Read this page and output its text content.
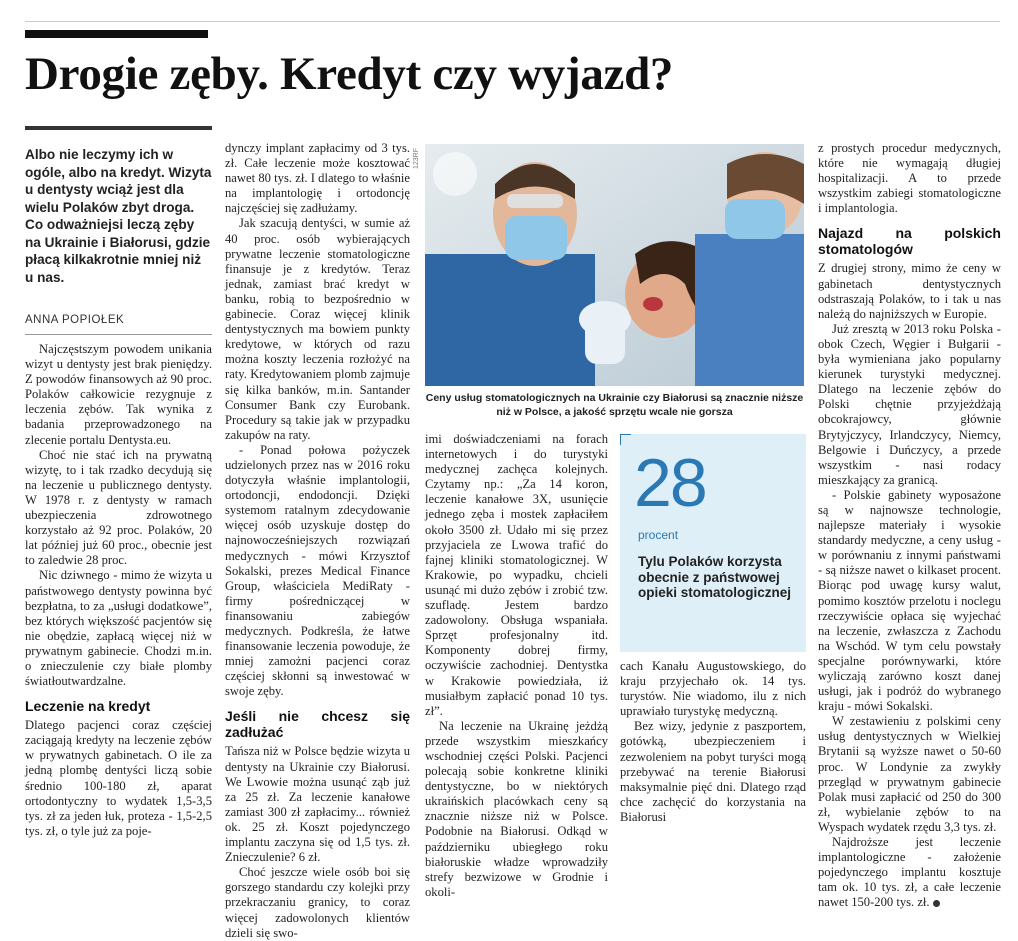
Drogie zęby. Kredyt czy wyjazd?
Albo nie leczymy ich w ogóle, albo na kredyt. Wizyta u dentysty wciąż jest dla wielu Polaków zbyt droga. Co odważniejsi leczą zęby na Ukrainie i Białorusi, gdzie płacą kilkakrotnie mniej niż u nas.
ANNA POPIOŁEK

Najczęstszym powodem unikania wizyt u dentysty jest brak pieniędzy. Z powodów finansowych aż 90 proc. Polaków całkowicie rezygnuje z leczenia zębów. Tak wynika z badania przeprowadzonego na zlecenie portalu Dentysta.eu.

Choć nie stać ich na prywatną wizytę, to i tak rzadko decydują się na leczenie u publicznego dentysty. W 1978 r. z dentysty w ramach ubezpieczenia zdrowotnego korzystało aż 92 proc. Polaków, 20 lat później już 60 proc., obecnie jest to zaledwie 28 proc.

Nic dziwnego - mimo że wizyta u państwowego dentysty powinna być bezpłatna, to za „usługi dodatkowe”, bez których większość pacjentów się nie obędzie, zapłacą więcej niż w prywatnym gabinecie. Chodzi m.in. o znieczulenie czy białe plomby światłoutwardzalne.

Leczenie na kredyt

Dlatego pacjenci coraz częściej zaciągają kredyty na leczenie zębów w prywatnych gabinetach. O ile za jedną plombę dentyści liczą sobie średnio 100-180 zł, aparat ortodontyczny to wydatek 1,5-3,5 tys. zł za jeden łuk, proteza - 1,5-2,5 tys. zł, o tyle już za poje-

dynczy implant zapłacimy od 3 tys. zł. Całe leczenie może kosztować nawet 80 tys. zł. I dlatego to właśnie na implantologię i ortodoncję najczęściej się zadłużamy.

Jak szacują dentyści, w sumie aż 40 proc. osób wybierających prywatne leczenie stomatologiczne finansuje je z kredytów. Teraz jednak, zamiast brać kredyt w banku, robią to bezpośrednio w gabinecie. Coraz więcej klinik dentystycznych ma bowiem punkty kredytowe, w których od razu można koszty leczenia rozłożyć na raty. Kredytowaniem plomb zajmuje się kilka banków, m.in. Santander Consumer Bank czy Eurobank. Procedury są takie jak w przypadku zakupów na raty.

- Ponad połowa pożyczek udzielonych przez nas w 2016 roku dotyczyła właśnie implantologii, ortodoncji, endodoncji. Dzięki systemom ratalnym zdecydowanie więcej osób uzyskuje dostęp do najnowocześniejszych rozwiązań medycznych - mówi Krzysztof Sokalski, prezes Medical Finance Group, właściciela MediRaty - firmy pośredniczącej w finansowaniu zabiegów medycznych. Podkreśla, że łatwe finansowanie leczenia powoduje, że mniej zamożni pacjenci coraz częściej skłonni są inwestować w swoje zęby.

Jeśli nie chcesz się zadłużać

Tańsza niż w Polsce będzie wizyta u dentysty na Ukrainie czy Białorusi. We Lwowie można usunąć ząb już za 25 zł. Za leczenie kanałowe zamiast 300 zł zapłacimy... również ok. 25 zł. Koszt pojedynczego implantu zaczyna się od 1,5 tys. zł. Znieczulenie? 6 zł.

Choć jeszcze wiele osób boi się gorszego standardu czy kolejki przy przekraczaniu granicy, to coraz więcej zadowolonych klientów dzieli się swo-

123RF
Ceny usług stomatologicznych na Ukrainie czy Białorusi są znacznie niższe niż w Polsce, a jakość sprzętu wcale nie gorsza

imi doświadczeniami na forach internetowych i do turystyki medycznej zachęca kolejnych. Czytamy np.: „Za 14 koron, leczenie kanałowe 3X, usunięcie jednego zęba i mostek zapłaciłem około 3500 zł. Udało mi się przez przyjaciela ze Lwowa trafić do fajnej kliniki stomatologicznej. W Krakowie, po wypadku, chcieli usunąć mi dużo zębów i zrobić tzw. szufladę. Jestem bardzo zadowolony. Obsługa wspaniała. Sprzęt profesjonalny itd. Komponenty dobrej firmy, oczywiście zachodniej. Dentystka w Krakowie powiedziała, iż musiałbym zapłacić ponad 10 tys. zł”.

Na leczenie na Ukrainę jeżdżą przede wszystkim mieszkańcy wschodniej części Polski. Pacjenci polecają sobie konkretne kliniki dentystyczne, bo w niektórych ukraińskich placówkach ceny są znacznie niższe niż w Polsce. Podobnie na Białorusi. Odkąd w październiku ubiegłego roku białoruskie władze wprowadziły strefy bezwizowe w Grodnie i okoli-

28
procent
Tylu Polaków korzysta obecnie z państwowej opieki stomatologicznej

cach Kanału Augustowskiego, do kraju przyjechało ok. 14 tys. turystów. Nie wiadomo, ilu z nich uprawiało turystykę medyczną.

Bez wizy, jedynie z paszportem, gotówką, ubezpieczeniem i zezwoleniem na pobyt turyści mogą przebywać na terenie Białorusi maksymalnie pięć dni. Dlatego rząd chce zachęcić do korzystania na Białorusi

z prostych procedur medycznych, które nie wymagają długiej hospitalizacji. A to przede wszystkim zabiegi stomatologiczne i implantologia.

Najazd na polskich stomatologów

Z drugiej strony, mimo że ceny w gabinetach dentystycznych odstraszają Polaków, to i tak u nas należą do najniższych w Europie.

Już zresztą w 2013 roku Polska - obok Czech, Węgier i Bułgarii - była wymieniana jako popularny kierunek turystyki medycznej. Dlatego na leczenie zębów do Polski chętnie przyjeżdżają obcokrajowcy, głównie Brytyjczycy, Irlandczycy, Niemcy, Belgowie i Duńczycy, a przede wszystkim - nasi rodacy mieszkający za granicą.

- Polskie gabinety wyposażone są w najnowsze technologie, najlepsze materiały i wysokie standardy medyczne, a ceny usług - w porównaniu z innymi państwami - są niższe nawet o kilkaset procent. Biorąc pod uwagę kursy walut, pomimo kosztów przelotu i noclegu rzeczywiście opłaca się wyjechać na leczenie, zwłaszcza z Zachodu na Wschód. W tym celu powstały specjalne porównywarki, które wyliczają zarówno koszt danej usługi, jak i podróż do wybranego kraju - mówi Sokalski.

W zestawieniu z polskimi ceny usług dentystycznych w Wielkiej Brytanii są wyższe nawet o 50-60 proc. W Londynie za zwykły przegląd w prywatnym gabinecie Polak musi zapłacić od 250 do 300 zł, wybielanie zębów to na Wyspach wydatek rzędu 3,3 tys. zł.

Najdroższe jest leczenie implantologiczne - założenie pojedynczego implantu kosztuje tam ok. 10 tys. zł, a całe leczenie nawet 150-200 tys. zł.
